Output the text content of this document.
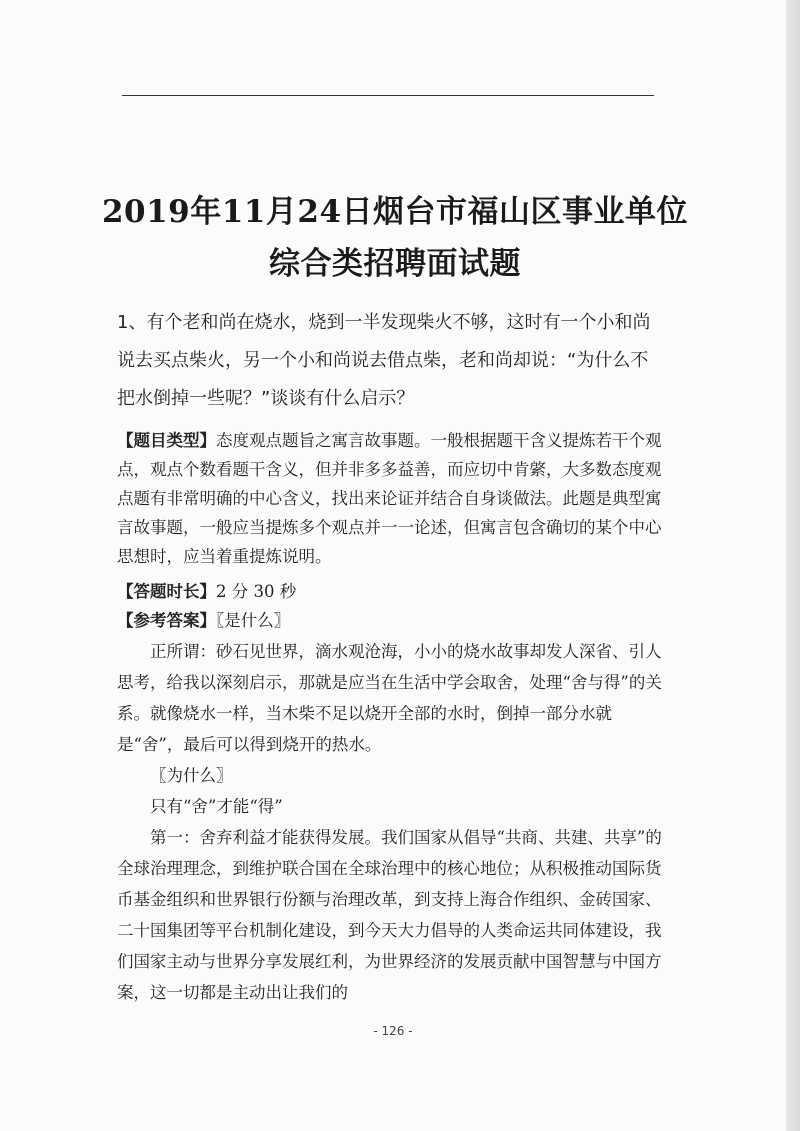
2019年11月24日烟台市福山区事业单位综合类招聘面试题
1、有个老和尚在烧水，烧到一半发现柴火不够，这时有一个小和尚说去买点柴火，另一个小和尚说去借点柴，老和尚却说：“为什么不把水倒掉一些呢？”谈谈有什么启示？
【题目类型】态度观点题旨之寓言故事题。一般根据题干含义提炼若干个观点，观点个数看题干含义，但并非多多益善，而应切中肯綮，大多数态度观点题有非常明确的中心含义，找出来论证并结合自身谈做法。此题是典型寓言故事题，一般应当提炼多个观点并一一论述，但寓言包含确切的某个中心思想时，应当着重提炼说明。
【答题时长】2 分 30 秒
【参考答案】〖是什么〗

正所谓：砂石见世界，滴水观沧海，小小的烧水故事却发人深省、引人思考，给我以深刻启示，那就是应当在生活中学会取舍，处理“舍与得”的关系。就像烧水一样，当木柴不足以烧开全部的水时，倒掉一部分水就是“舍”，最后可以得到烧开的热水。

〖为什么〗

只有“舍”才能“得”

第一：舍弃利益才能获得发展。我们国家从倡导“共商、共建、共享”的全球治理理念，到维护联合国在全球治理中的核心地位；从积极推动国际货币基金组织和世界银行份额与治理改革，到支持上海合作组织、金砖国家、二十国集团等平台机制化建设，到今天大力倡导的人类命运共同体建设，我们国家主动与世界分享发展红利，为世界经济的发展贡献中国智慧与中国方案，这一切都是主动出让我们的

- 126 -
